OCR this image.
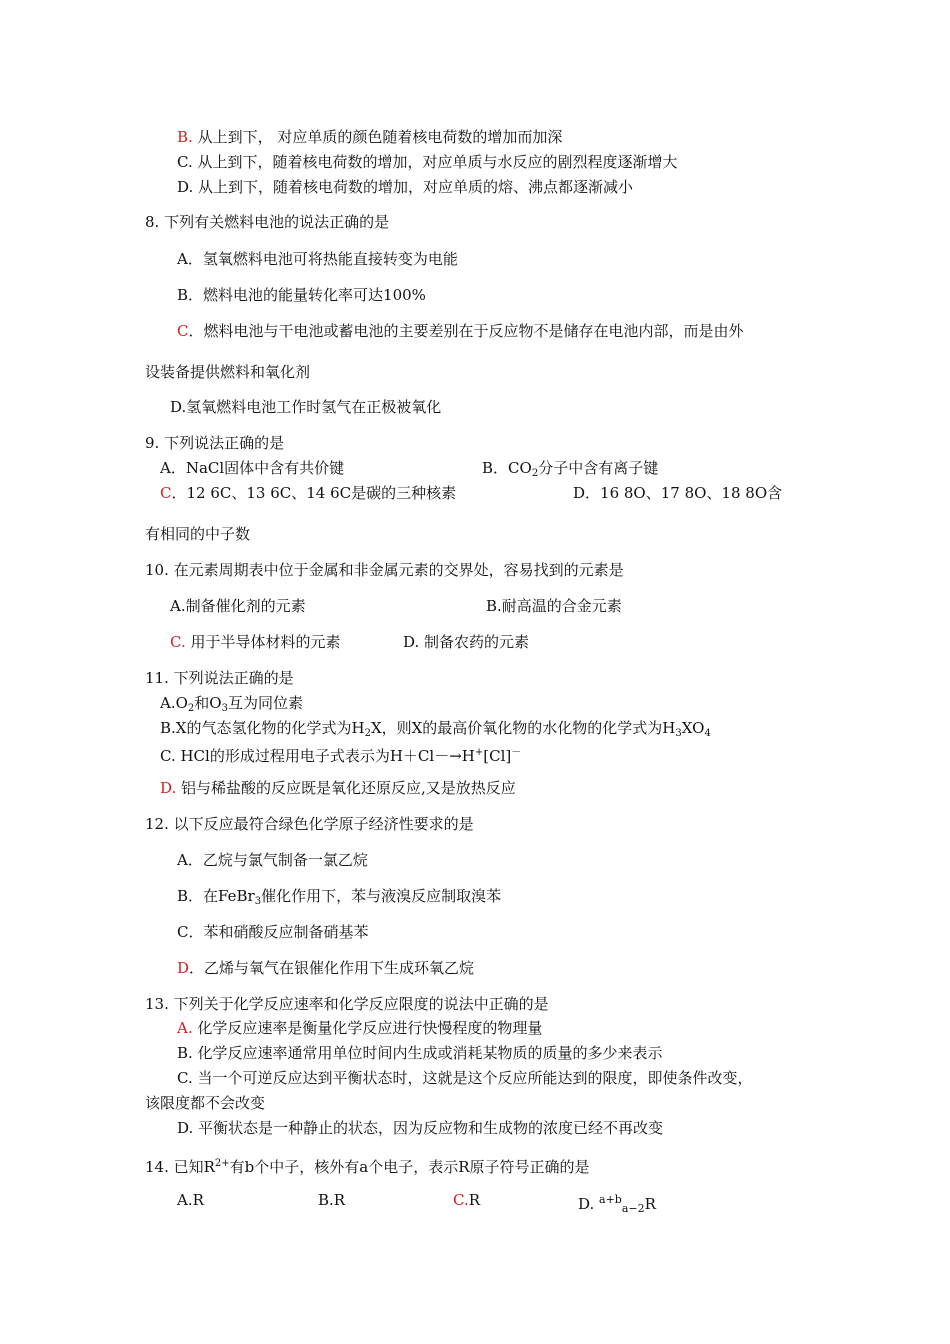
B. 从上到下， 对应单质的颜色随着核电荷数的增加而加深
C. 从上到下，随着核电荷数的增加，对应单质与水反应的剧烈程度逐渐增大
D. 从上到下，随着核电荷数的增加，对应单质的熔、沸点都逐渐减小
8. 下列有关燃料电池的说法正确的是
A．氢氧燃料电池可将热能直接转变为电能
B．燃料电池的能量转化率可达100%
C．燃料电池与干电池或蓄电池的主要差别在于反应物不是储存在电池内部，而是由外
设装备提供燃料和氧化剂
D.氢氧燃料电池工作时氢气在正极被氧化
9. 下列说法正确的是
A．NaCl固体中含有共价键	B．$CO_2$分子中含有离子键
C．12 6C、13 6C、14 6C是碳的三种核素	D．16 8O、17 8O、18 8O含
有相同的中子数
10. 在元素周期表中位于金属和非金属元素的交界处，容易找到的元素是
A.制备催化剂的元素	B.耐高温的合金元素
C. 用于半导体材料的元素	D. 制备农药的元素
11. 下列说法正确的是
$A.O_2$和$O_3$互为同位素
B.X的气态氢化物的化学式为$H_2X$，则X的最高价氧化物的水化物的化学式为$H_3XO_4$
C. HCl的形成过程用电子式表示为H＋Cl－→H+[Cl]－
D. 铝与稀盐酸的反应既是氧化还原反应,又是放热反应
12. 以下反应最符合绿色化学原子经济性要求的是
A．乙烷与氯气制备一氯乙烷
B．在FeBr$_3$催化作用下，苯与液溴反应制取溴苯
C．苯和硝酸反应制备硝基苯
D．乙烯与氧气在银催化作用下生成环氧乙烷
13. 下列关于化学反应速率和化学反应限度的说法中正确的是
A. 化学反应速率是衡量化学反应进行快慢程度的物理量
B. 化学反应速率通常用单位时间内生成或消耗某物质的质量的多少来表示
C. 当一个可逆反应达到平衡状态时，这就是这个反应所能达到的限度，即使条件改变，
该限度都不会改变
D. 平衡状态是一种静止的状态，因为反应物和生成物的浓度已经不再改变
14. 已知$R^{2+}$有b个中子，核外有a个电子，表示R原子符号正确的是
A.R	B.R	C.R	D. $^{a+b}_{a-2}$R
